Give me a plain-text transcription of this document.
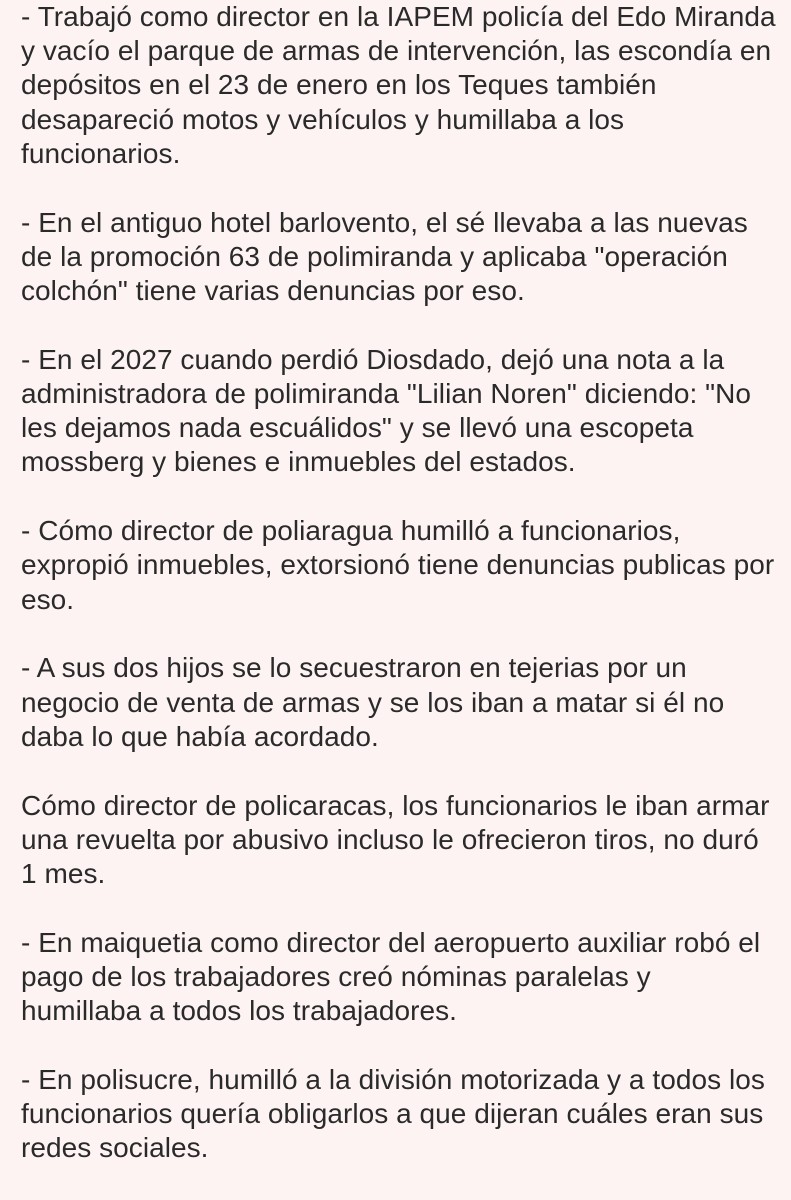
- Trabajó como director en la IAPEM policía del Edo Miranda y vacío el parque de armas de intervención, las escondía en depósitos en el 23 de enero en los Teques también desapareció motos y vehículos y humillaba a los funcionarios.

- En el antiguo hotel barlovento, el sé llevaba a las nuevas de la promoción 63 de polimiranda y aplicaba "operación colchón" tiene varias denuncias por eso.

- En el 2027 cuando perdió Diosdado, dejó una nota a la administradora de polimiranda "Lilian Noren" diciendo: "No les dejamos nada escuálidos" y se llevó una escopeta mossberg y bienes e inmuebles del estados.

- Cómo director de poliaragua humilló a funcionarios, expropió inmuebles, extorsionó tiene denuncias publicas por eso.

- A sus dos hijos se lo secuestraron en tejerias por un negocio de venta de armas y se los iban a matar si él no daba lo que había acordado.

Cómo director de policaracas, los funcionarios le iban armar una revuelta por abusivo incluso le ofrecieron tiros, no duró 1 mes.

- En maiquetia como director del aeropuerto auxiliar robó el pago de los trabajadores creó nóminas paralelas y humillaba a todos los trabajadores.

- En polisucre, humilló a la división motorizada y a todos los funcionarios quería obligarlos a que dijeran cuáles eran sus redes sociales.
